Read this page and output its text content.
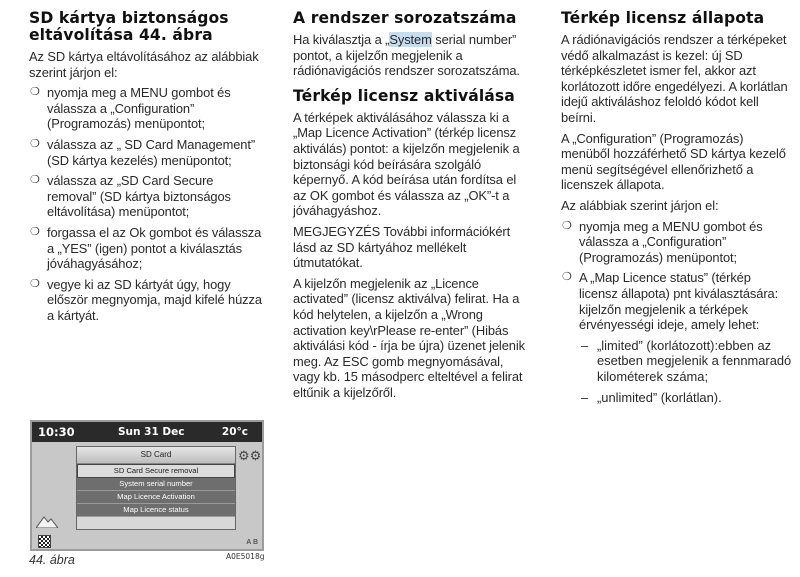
SD kártya biztonságos eltávolítása 44. ábra

Az SD kártya eltávolításához az alábbiak szerint járjon el:

❍ nyomja meg a MENU gombot és válassza a „Configuration” (Programozás) menüpontot;
❍ válassza az „ SD Card Management” (SD kártya kezelés) menüpontot;
❍ válassza az „SD Card Secure removal” (SD kártya biztonságos eltávolítása) menüpontot;
❍ forgassa el az Ok gombot és válassza a „YES” (igen) pontot a kiválasztás jóváhagyásához;
❍ vegye ki az SD kártyát úgy, hogy először megnyomja, majd kifelé húzza a kártyát.
A rendszer sorozatszáma

Ha kiválasztja a „System serial number” pontot, a kijelzőn megjelenik a rádiónavigációs rendszer sorozatszáma.

Térkép licensz aktiválása

A térképek aktiválásához válassza ki a „Map Licence Activation” (térkép licensz aktiválás) pontot: a kijelzőn megjelenik a biztonsági kód beírására szolgáló képernyő. A kód beírása után fordítsa el az OK gombot és válassza az „OK”-t a jóváhagyáshoz.

MEGJEGYZÉS További információkért lásd az SD kártyához mellékelt útmutatókat.

A kijelzőn megjelenik az „Licence activated” (licensz aktiválva) felirat. Ha a kód helytelen, a kijelzőn a „Wrong activation key\rPlease re-enter” (Hibás aktiválási kód - írja be újra) üzenet jelenik meg. Az ESC gomb megnyomásával, vagy kb. 15 másodperc elteltével a felirat eltűnik a kijelzőről.

Térkép licensz állapota

A rádiónavigációs rendszer a térképeket védő alkalmazást is kezel: új SD térképkészletet ismer fel, akkor azt korlátozott időre engedélyezi. A korlátlan idejű aktiváláshoz feloldó kódot kell beírni.

A „Configuration” (Programozás) menüből hozzáférhető SD kártya kezelő menü segítségével ellenőrizhető a licenszek állapota.

Az alábbiak szerint járjon el:

❍ nyomja meg a MENU gombot és válassza a „Configuration” (Programozás) menüpontot;
❍ A „Map Licence status” (térkép licensz állapota) pnt kiválasztására: kijelzőn megjelenik a térképek érvényességi ideje, amely lehet:
– „limited” (korlátozott):ebben az esetben megjelenik a fennmaradó kilométerek száma;
– „unlimited” (korlátlan).
10:30	Sun 31 Dec	20°c
SD Card
SD Card Secure removal
System serial number
Map Licence Activation
Map Licence status
⚙⚙
A B
44. ábra	A0E5018g
